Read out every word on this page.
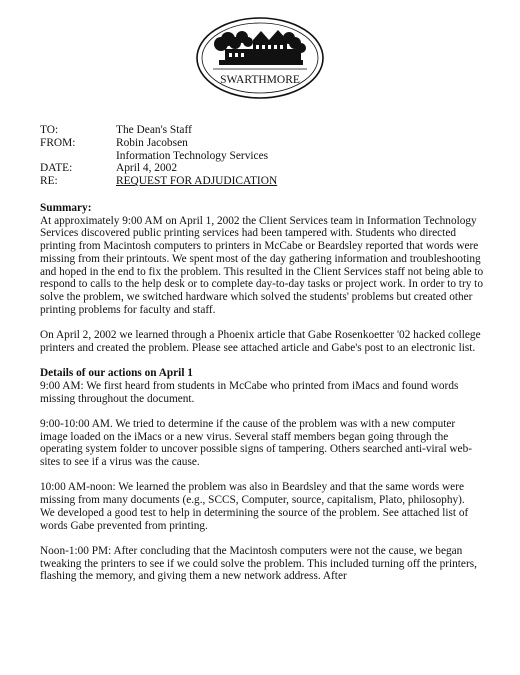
SWARTHMORE
TO:	The Dean's Staff
FROM:	Robin Jacobsen
Information Technology Services
DATE:	April 4, 2002
RE:	REQUEST FOR ADJUDICATION
Summary:

At approximately 9:00 AM on April 1, 2002 the Client Services team in Information Technology Services discovered public printing services had been tampered with. Students who directed printing from Macintosh computers to printers in McCabe or Beardsley reported that words were missing from their printouts. We spent most of the day gathering information and troubleshooting and hoped in the end to fix the problem. This resulted in the Client Services staff not being able to respond to calls to the help desk or to complete day-to-day tasks or project work. In order to try to solve the problem, we switched hardware which solved the students' problems but created other printing problems for faculty and staff.

On April 2, 2002 we learned through a Phoenix article that Gabe Rosenkoetter '02 hacked college printers and created the problem. Please see attached article and Gabe's post to an electronic list.

Details of our actions on April 1

9:00 AM: We first heard from students in McCabe who printed from iMacs and found words missing throughout the document.

9:00-10:00 AM. We tried to determine if the cause of the problem was with a new computer image loaded on the iMacs or a new virus. Several staff members began going through the operating system folder to uncover possible signs of tampering. Others searched anti-viral web-sites to see if a virus was the cause.

10:00 AM-noon: We learned the problem was also in Beardsley and that the same words were missing from many documents (e.g., SCCS, Computer, source, capitalism, Plato, philosophy).

We developed a good test to help in determining the source of the problem. See attached list of words Gabe prevented from printing.

Noon-1:00 PM: After concluding that the Macintosh computers were not the cause, we began tweaking the printers to see if we could solve the problem. This included turning off the printers, flashing the memory, and giving them a new network address. After
